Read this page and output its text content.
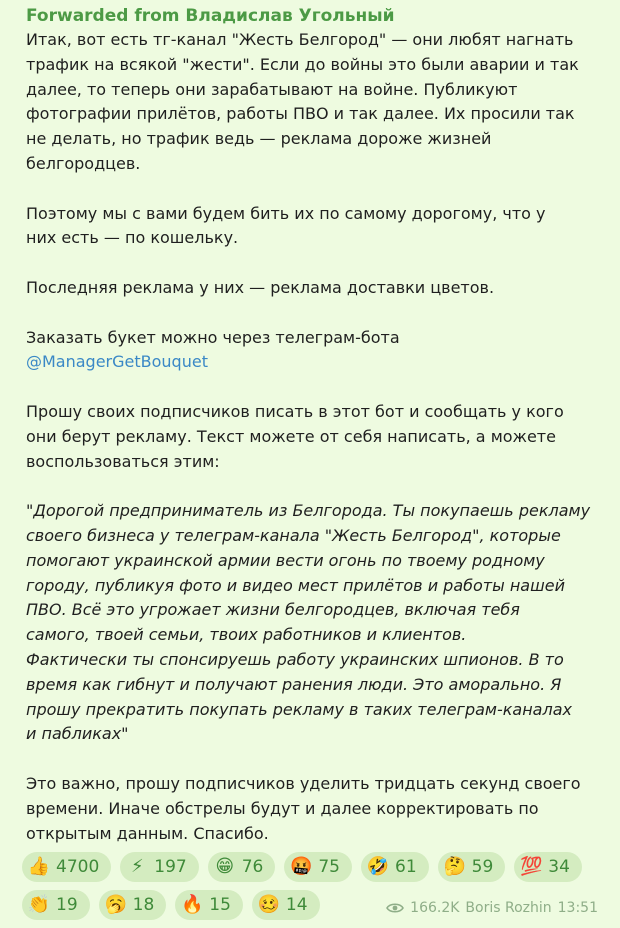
Forwarded from Владислав Угольный

Итак, вот есть тг-канал "Жесть Белгород" — они любят нагнать
трафик на всякой "жести". Если до войны это были аварии и так
далее, то теперь они зарабатывают на войне. Публикуют
фотографии прилётов, работы ПВО и так далее. Их просили так
не делать, но трафик ведь — реклама дороже жизней
белгородцев.

Поэтому мы с вами будем бить их по самому дорогому, что у
них есть — по кошельку.

Последняя реклама у них — реклама доставки цветов.

Заказать букет можно через телеграм-бота
@ManagerGetBouquet

Прошу своих подписчиков писать в этот бот и сообщать у кого
они берут рекламу. Текст можете от себя написать, а можете
воспользоваться этим:

"Дорогой предприниматель из Белгорода. Ты покупаешь рекламу
своего бизнеса у телеграм-канала "Жесть Белгород", которые
помогают украинской армии вести огонь по твоему родному
городу, публикуя фото и видео мест прилётов и работы нашей
ПВО. Всё это угрожает жизни белгородцев, включая тебя
самого, твоей семьи, твоих работников и клиентов.
Фактически ты спонсируешь работу украинских шпионов. В то
время как гибнут и получают ранения люди. Это аморально. Я
прошу прекратить покупать рекламу в таких телеграм-каналах
и пабликах"

Это важно, прошу подписчиков уделить тридцать секунд своего
времени. Иначе обстрелы будут и далее корректировать по
открытым данным. Спасибо.

👍 4700 ⚡ 197 😁 76 🤬 75 🤣 61 🤔 59 💯 34
👏 19 🥱 18 🔥 15 🥴 14	166.2K Boris Rozhin 13:51
